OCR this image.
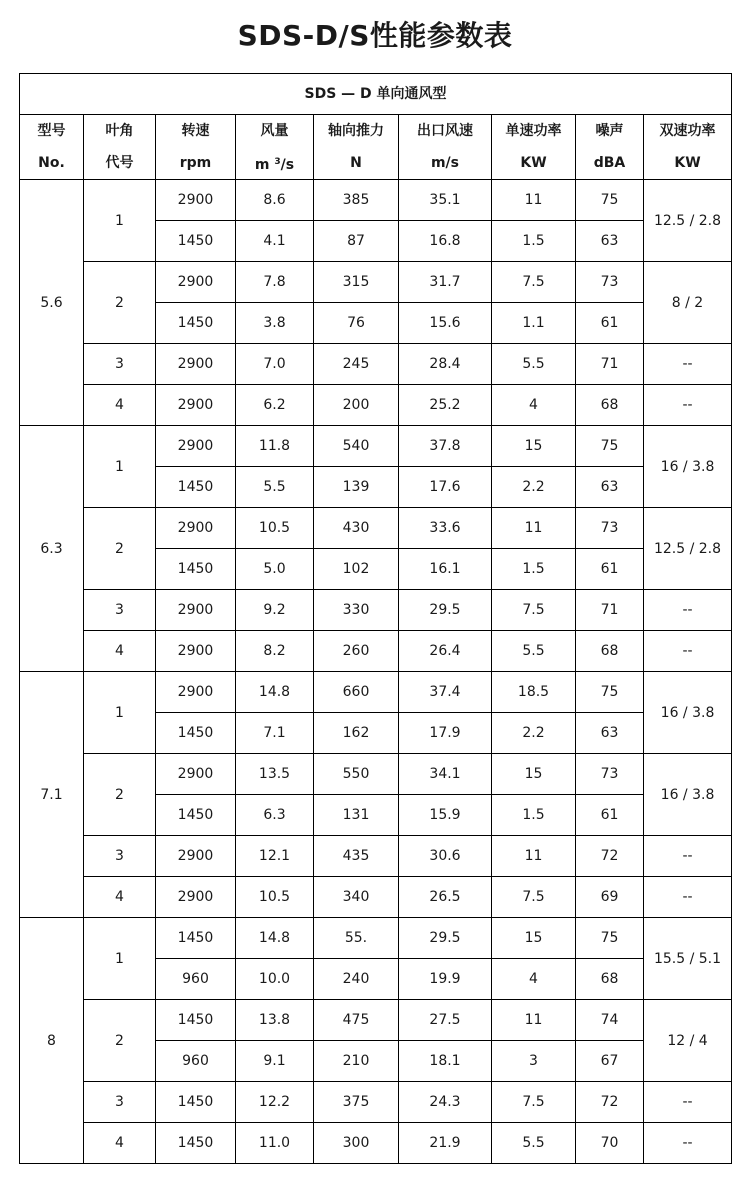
SDS-D/S性能参数表
SDS — D 单向通风型								
型号	叶角	转速	风量	轴向推力	出口风速	单速功率	噪声	双速功率
No.	代号	rpm	m $^3$/s	N	m/s	KW	dBA	KW
5.6	1	2900	8.6	385	35.1	11	75	12.5 / 2.8
		1450	4.1	87	16.8	1.5	63	
	2	2900	7.8	315	31.7	7.5	73	8 / 2
		1450	3.8	76	15.6	1.1	61	
	3	2900	7.0	245	28.4	5.5	71	--
	4	2900	6.2	200	25.2	4	68	--
6.3	1	2900	11.8	540	37.8	15	75	16 / 3.8
		1450	5.5	139	17.6	2.2	63	
	2	2900	10.5	430	33.6	11	73	12.5 / 2.8
		1450	5.0	102	16.1	1.5	61	
	3	2900	9.2	330	29.5	7.5	71	--
	4	2900	8.2	260	26.4	5.5	68	--
7.1	1	2900	14.8	660	37.4	18.5	75	16 / 3.8
		1450	7.1	162	17.9	2.2	63	
	2	2900	13.5	550	34.1	15	73	16 / 3.8
		1450	6.3	131	15.9	1.5	61	
	3	2900	12.1	435	30.6	11	72	--
	4	2900	10.5	340	26.5	7.5	69	--
8	1	1450	14.8	55.	29.5	15	75	15.5 / 5.1
		960	10.0	240	19.9	4	68	
	2	1450	13.8	475	27.5	11	74	12 / 4
		960	9.1	210	18.1	3	67	
	3	1450	12.2	375	24.3	7.5	72	--
	4	1450	11.0	300	21.9	5.5	70	--
